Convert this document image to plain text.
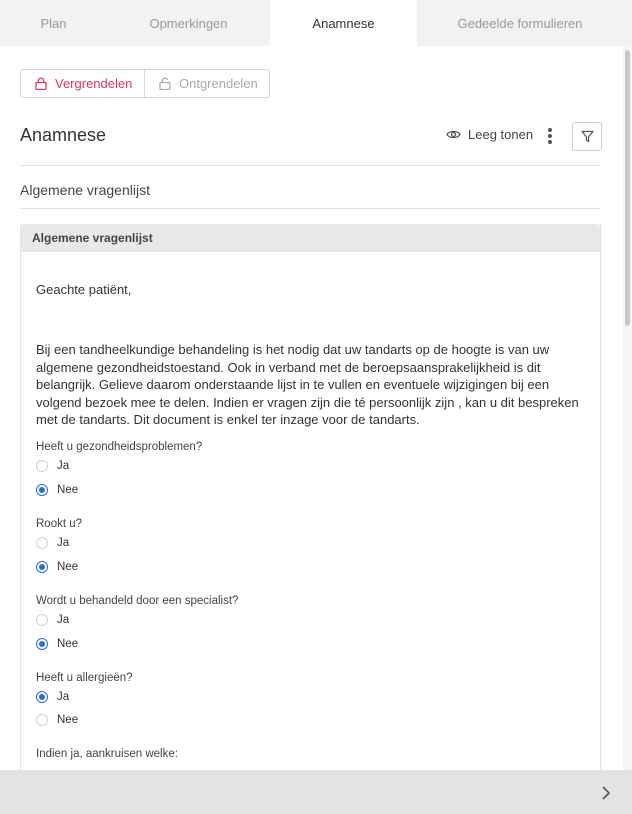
Plan	Opmerkingen	Anamnese	Gedeelde formulieren
Vergrendelen	Ontgrendelen
Anamnese	Leeg tonen
Algemene vragenlijst
Algemene vragenlijst
Geachte patiënt,
Bij een tandheelkundige behandeling is het nodig dat uw tandarts op de hoogte is van uw algemene gezondheidstoestand. Ook in verband met de beroepsaansprakelijkheid is dit belangrijk. Gelieve daarom onderstaande lijst in te vullen en eventuele wijzigingen bij een volgend bezoek mee te delen. Indien er vragen zijn die té persoonlijk zijn , kan u dit bespreken met de tandarts. Dit document is enkel ter inzage voor de tandarts.
Heeft u gezondheidsproblemen?
Ja
Nee
Rookt u?
Ja
Nee
Wordt u behandeld door een specialist?
Ja
Nee
Heeft u allergieën?
Ja
Nee
Indien ja, aankruisen welke:
